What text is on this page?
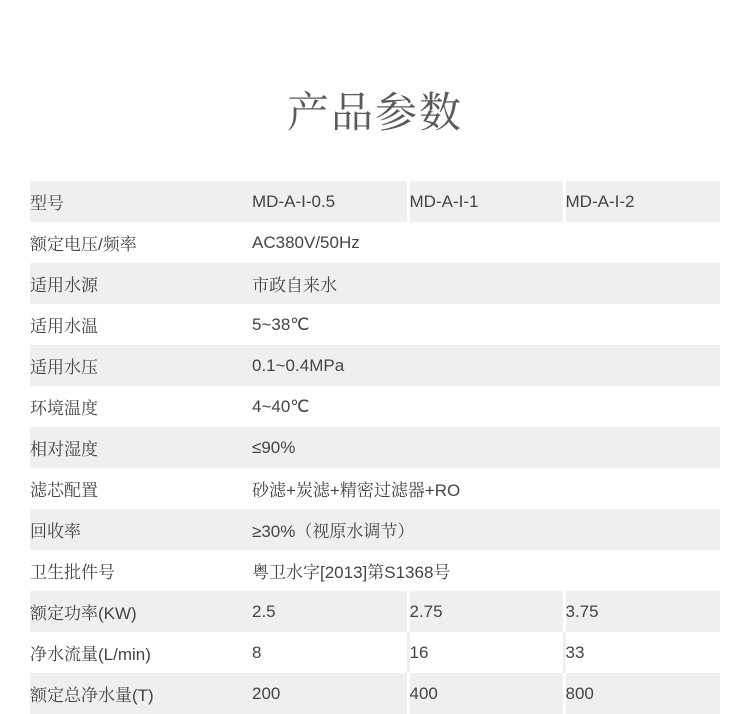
产品参数
型号	MD-A-I-0.5	MD-A-I-1	MD-A-I-2
额定电压/频率	AC380V/50Hz		
适用水源	市政自来水		
适用水温	5~38℃		
适用水压	0.1~0.4MPa		
环境温度	4~40℃		
相对湿度	≤90%		
滤芯配置	砂滤+炭滤+精密过滤器+RO		
回收率	≥30%（视原水调节）		
卫生批件号	粤卫水字[2013]第S1368号		
额定功率(KW)	2.5	2.75	3.75
净水流量(L/min)	8	16	33
额定总净水量(T)	200	400	800
